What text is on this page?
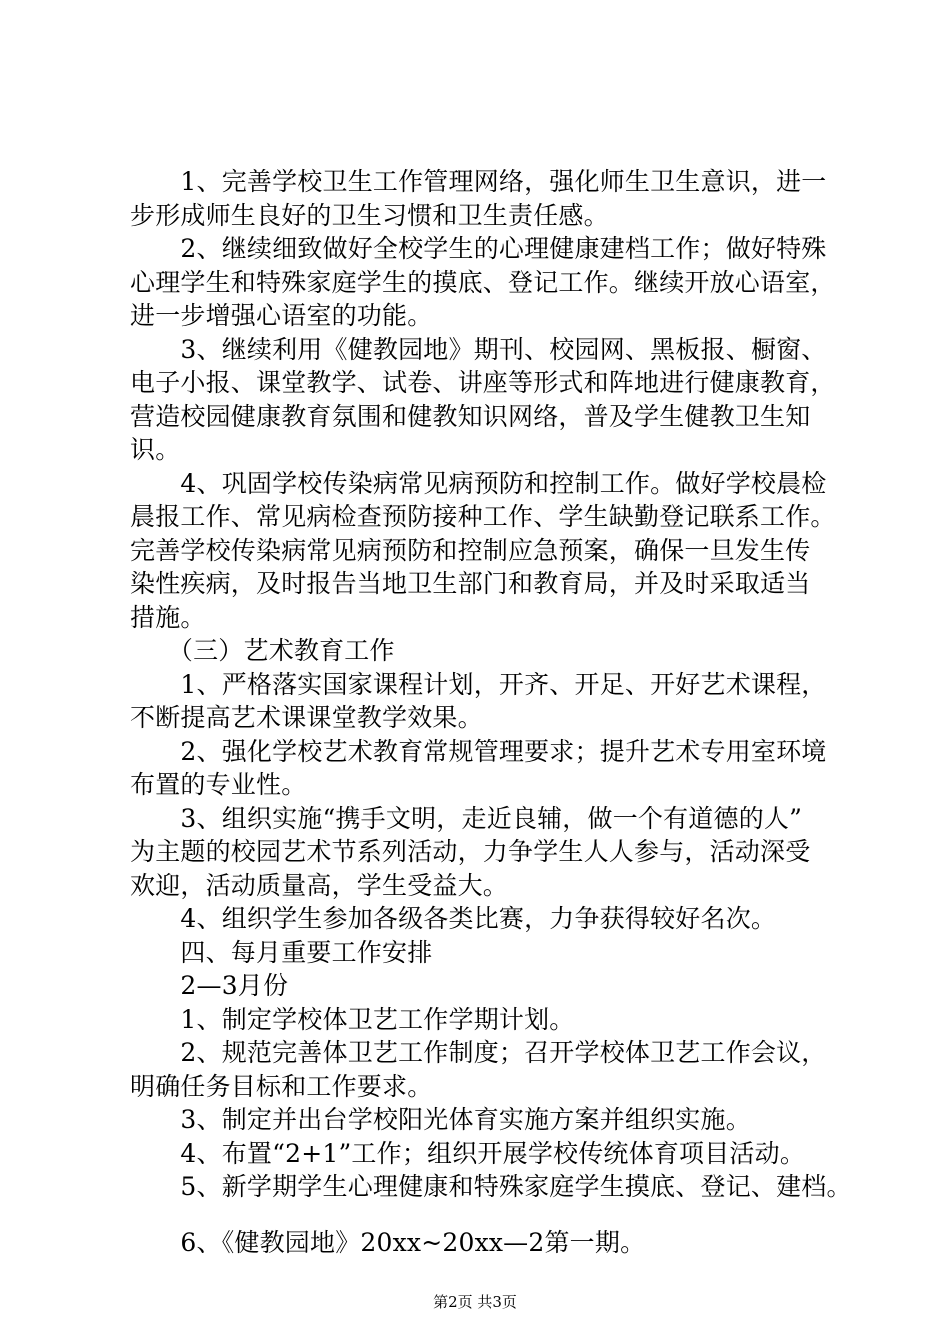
　　1、完善学校卫生工作管理网络，强化师生卫生意识，进一
步形成师生良好的卫生习惯和卫生责任感。
　　2、继续细致做好全校学生的心理健康建档工作；做好特殊
心理学生和特殊家庭学生的摸底、登记工作。继续开放心语室，
进一步增强心语室的功能。
　　3、继续利用《健教园地》期刊、校园网、黑板报、橱窗、
电子小报、课堂教学、试卷、讲座等形式和阵地进行健康教育，
营造校园健康教育氛围和健教知识网络，普及学生健教卫生知
识。
　　4、巩固学校传染病常见病预防和控制工作。做好学校晨检
晨报工作、常见病检查预防接种工作、学生缺勤登记联系工作。
完善学校传染病常见病预防和控制应急预案，确保一旦发生传
染性疾病，及时报告当地卫生部门和教育局，并及时采取适当
措施。
　　（三）艺术教育工作
　　1、严格落实国家课程计划，开齐、开足、开好艺术课程，
不断提高艺术课课堂教学效果。
　　2、强化学校艺术教育常规管理要求；提升艺术专用室环境
布置的专业性。
　　3、组织实施“携手文明，走近良辅，做一个有道德的人”
为主题的校园艺术节系列活动，力争学生人人参与，活动深受
欢迎，活动质量高，学生受益大。
　　4、组织学生参加各级各类比赛，力争获得较好名次。
　　四、每月重要工作安排
　　2—3月份
　　1、制定学校体卫艺工作学期计划。
　　2、规范完善体卫艺工作制度；召开学校体卫艺工作会议，
明确任务目标和工作要求。
　　3、制定并出台学校阳光体育实施方案并组织实施。
　　4、布置“2+1”工作；组织开展学校传统体育项目活动。
　　5、新学期学生心理健康和特殊家庭学生摸底、登记、建档。
　　6、《健教园地》20xx~20xx—2第一期。
第2页 共3页
